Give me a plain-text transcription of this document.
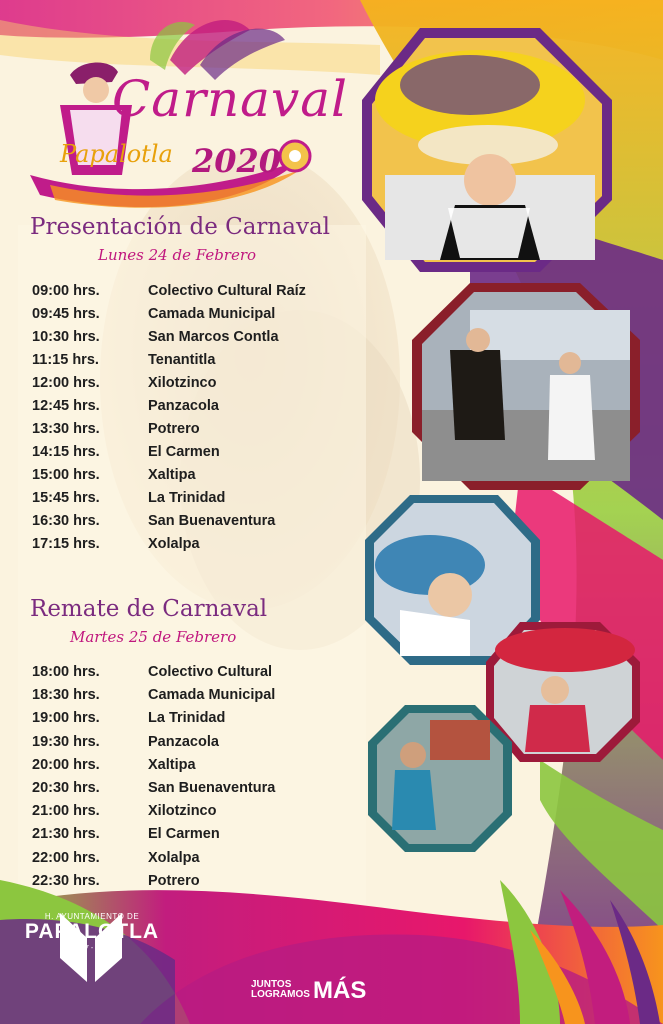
Carnaval
Papalotla 2020
Presentación de Carnaval
Lunes 24 de Febrero
09:00 hrs.	Colectivo Cultural Raíz
09:45 hrs.	Camada Municipal
10:30 hrs.	San Marcos Contla
11:15 hrs.	Tenantitla
12:00 hrs.	Xilotzinco
12:45 hrs.	Panzacola
13:30 hrs.	Potrero
14:15 hrs.	El Carmen
15:00 hrs.	Xaltipa
15:45 hrs.	La Trinidad
16:30 hrs.	San Buenaventura
17:15 hrs.	Xolalpa
Remate de Carnaval
Martes 25 de Febrero
18:00 hrs.	Colectivo Cultural
18:30 hrs.	Camada Municipal
19:00 hrs.	La Trinidad
19:30 hrs.	Panzacola
20:00 hrs.	Xaltipa
20:30 hrs.	San Buenaventura
21:00 hrs.	Xilotzinco
21:30 hrs.	El Carmen
22:00 hrs.	Xolalpa
22:30 hrs.	Potrero
H. AYUNTAMIENTO DE
PAPALOTLA
2017 - 2021
JUNTOS
LOGRAMOS MÁS
